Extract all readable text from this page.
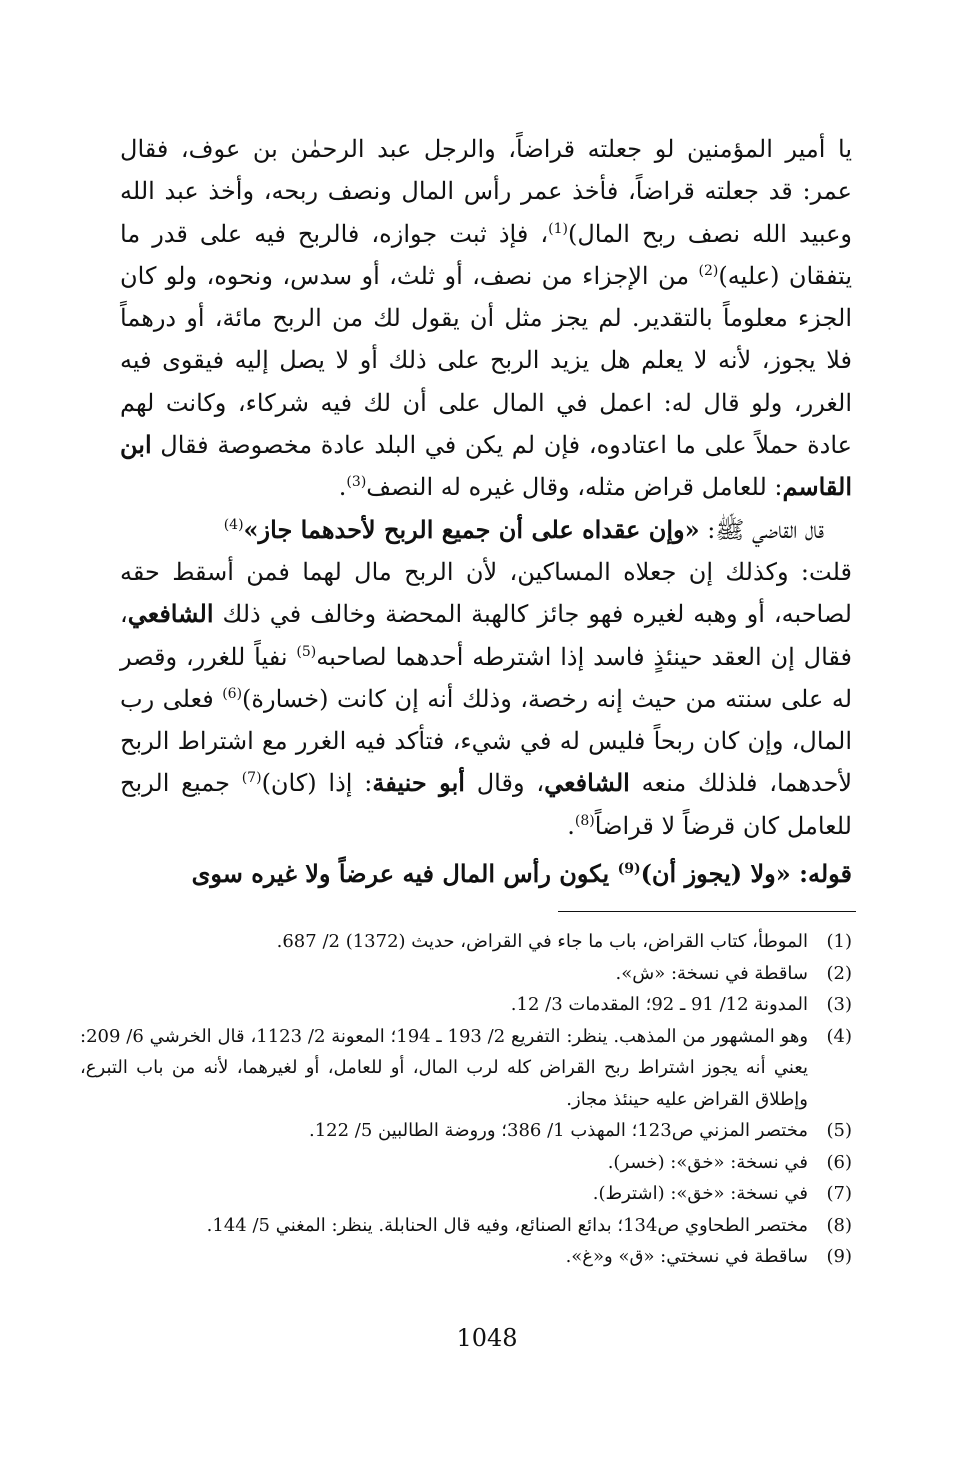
يا أمير المؤمنين لو جعلته قراضاً، والرجل عبد الرحمٰن بن عوف، فقال عمر: قد جعلته قراضاً، فأخذ عمر رأس المال ونصف ربحه، وأخذ عبد الله وعبيد الله نصف ربح المال)$^{(1)}$، فإذ ثبت جوازه، فالربح فيه على قدر ما يتفقان (عليه)$^{(2)}$ من الإجزاء من نصف، أو ثلث، أو سدس، ونحوه، ولو كان الجزء معلوماً بالتقدير. لم يجز مثل أن يقول لك من الربح مائة، أو درهماً فلا يجوز، لأنه لا يعلم هل يزيد الربح على ذلك أو لا يصل إليه فيقوى فيه الغرر، ولو قال له: اعمل في المال على أن لك فيه شركاء، وكانت لهم عادة حملاً على ما اعتادوه، فإن لم يكن في البلد عادة مخصوصة فقال ابن القاسم: للعامل قراض مثله، وقال غيره له النصف$^{(3)}$.

قال القاضي ﷺ: «وإن عقداه على أن جميع الربح لأحدهما جاز»$^{(4)}$

قلت: وكذلك إن جعلاه المساكين، لأن الربح مال لهما فمن أسقط حقه لصاحبه، أو وهبه لغيره فهو جائز كالهبة المحضة وخالف في ذلك الشافعي، فقال إن العقد حينئذٍ فاسد إذا اشترطه أحدهما لصاحبه$^{(5)}$ نفياً للغرر، وقصر له على سنته من حيث إنه رخصة، وذلك أنه إن كانت (خسارة)$^{(6)}$ فعلى رب المال، وإن كان ربحاً فليس له في شيء، فتأكد فيه الغرر مع اشتراط الربح لأحدهما، فلذلك منعه الشافعي، وقال أبو حنيفة: إذا (كان)$^{(7)}$ جميع الربح للعامل كان قرضاً لا قراضاً$^{(8)}$.

قوله: «ولا (يجوز أن)$^{(9)}$ يكون رأس المال فيه عرضاً ولا غيره سوى

(1)
الموطأ، كتاب القراض، باب ما جاء في القراض، حديث (1372) 2/ 687.
(2)
ساقطة في نسخة: «ش».
(3)
المدونة 12/ 91 ـ 92؛ المقدمات 3/ 12.
(4)
وهو المشهور من المذهب. ينظر: التفريع 2/ 193 ـ 194؛ المعونة 2/ 1123، قال الخرشي 6/ 209: يعني أنه يجوز اشتراط ربح القراض كله لرب المال، أو للعامل، أو لغيرهما، لأنه من باب التبرع، وإطلاق القراض عليه حينئذ مجاز.
(5)
مختصر المزني ص123؛ المهذب 1/ 386؛ وروضة الطالبين 5/ 122.
(6)
في نسخة: «خق»: (خسر).
(7)
في نسخة: «خق»: (اشترط).
(8)
مختصر الطحاوي ص134؛ بدائع الصنائع، وفيه قال الحنابلة. ينظر: المغني 5/ 144.
(9)
ساقطة في نسختي: «ق» و«غ».
1048
